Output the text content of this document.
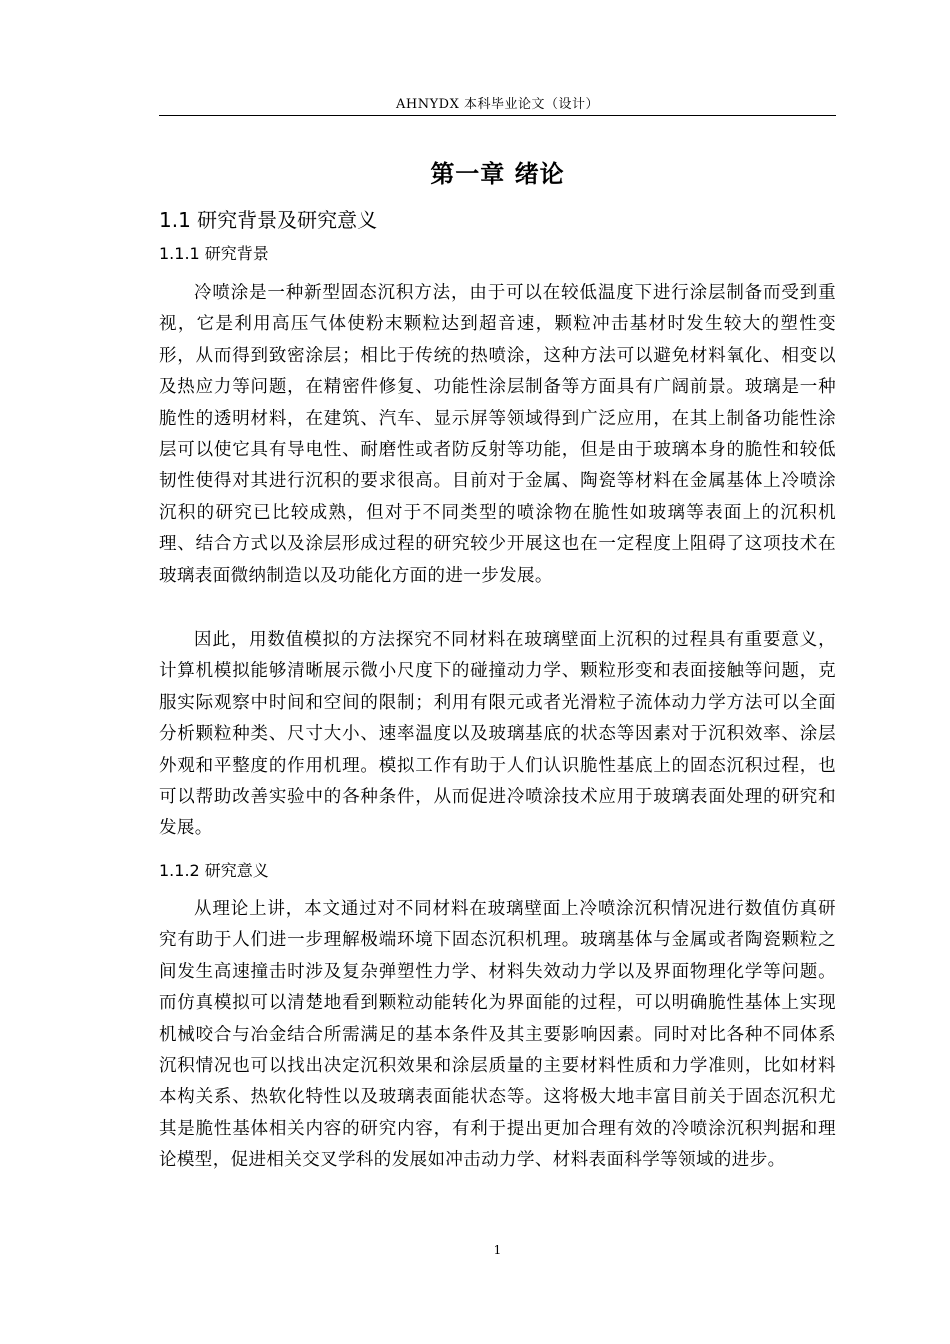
AHNYDX 本科毕业论文（设计）
第一章 绪论
1.1 研究背景及研究意义
1.1.1 研究背景

冷喷涂是一种新型固态沉积方法，由于可以在较低温度下进行涂层制备而受到重视，它是利用高压气体使粉末颗粒达到超音速，颗粒冲击基材时发生较大的塑性变形，从而得到致密涂层；相比于传统的热喷涂，这种方法可以避免材料氧化、相变以及热应力等问题，在精密件修复、功能性涂层制备等方面具有广阔前景。玻璃是一种脆性的透明材料，在建筑、汽车、显示屏等领域得到广泛应用，在其上制备功能性涂层可以使它具有导电性、耐磨性或者防反射等功能，但是由于玻璃本身的脆性和较低韧性使得对其进行沉积的要求很高。目前对于金属、陶瓷等材料在金属基体上冷喷涂沉积的研究已比较成熟，但对于不同类型的喷涂物在脆性如玻璃等表面上的沉积机理、结合方式以及涂层形成过程的研究较少开展这也在一定程度上阻碍了这项技术在玻璃表面微纳制造以及功能化方面的进一步发展。

因此，用数值模拟的方法探究不同材料在玻璃壁面上沉积的过程具有重要意义，计算机模拟能够清晰展示微小尺度下的碰撞动力学、颗粒形变和表面接触等问题，克服实际观察中时间和空间的限制；利用有限元或者光滑粒子流体动力学方法可以全面分析颗粒种类、尺寸大小、速率温度以及玻璃基底的状态等因素对于沉积效率、涂层外观和平整度的作用机理。模拟工作有助于人们认识脆性基底上的固态沉积过程，也可以帮助改善实验中的各种条件，从而促进冷喷涂技术应用于玻璃表面处理的研究和发展。

1.1.2 研究意义

从理论上讲，本文通过对不同材料在玻璃壁面上冷喷涂沉积情况进行数值仿真研究有助于人们进一步理解极端环境下固态沉积机理。玻璃基体与金属或者陶瓷颗粒之间发生高速撞击时涉及复杂弹塑性力学、材料失效动力学以及界面物理化学等问题。而仿真模拟可以清楚地看到颗粒动能转化为界面能的过程，可以明确脆性基体上实现机械咬合与冶金结合所需满足的基本条件及其主要影响因素。同时对比各种不同体系沉积情况也可以找出决定沉积效果和涂层质量的主要材料性质和力学准则，比如材料本构关系、热软化特性以及玻璃表面能状态等。这将极大地丰富目前关于固态沉积尤其是脆性基体相关内容的研究内容，有利于提出更加合理有效的冷喷涂沉积判据和理论模型，促进相关交叉学科的发展如冲击动力学、材料表面科学等领域的进步。

1
